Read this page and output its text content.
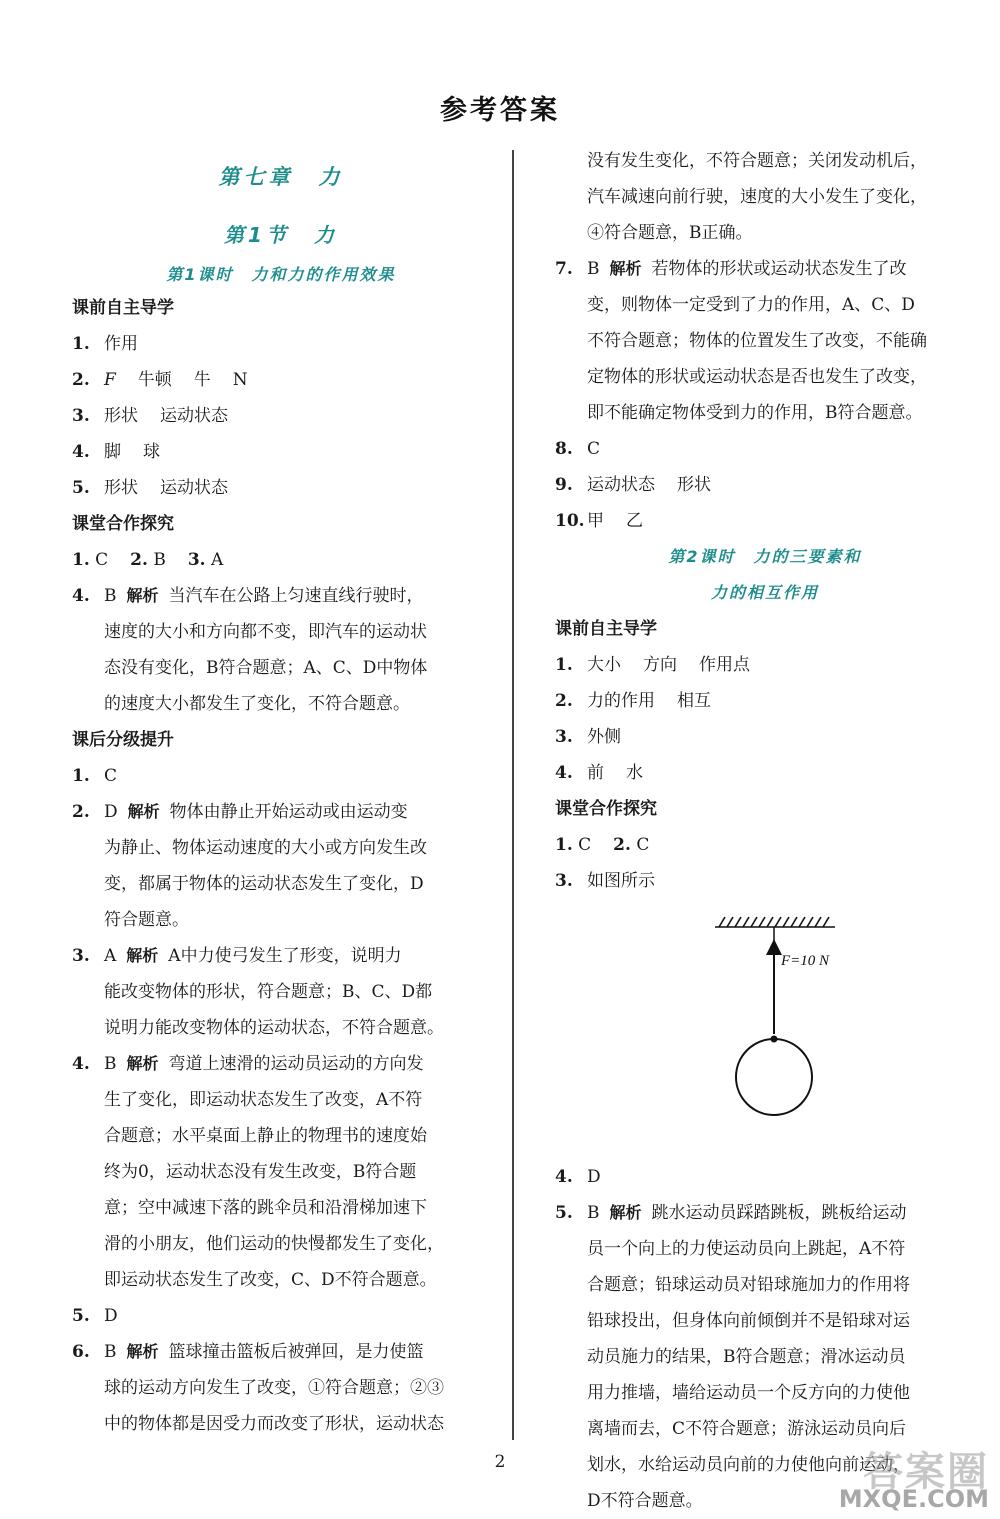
参考答案
第七章　力
第1节　力
第1课时　力和力的作用效果
课前自主导学
1. 作用
2. F 牛顿 牛 N
3. 形状 运动状态
4. 脚 球
5. 形状 运动状态
课堂合作探究
1. C 2. B 3. A
4. B 解析 当汽车在公路上匀速直线行驶时，
速度的大小和方向都不变，即汽车的运动状
态没有变化，B符合题意；A、C、D中物体
的速度大小都发生了变化，不符合题意。
课后分级提升
1. C
2. D 解析 物体由静止开始运动或由运动变
为静止、物体运动速度的大小或方向发生改
变，都属于物体的运动状态发生了变化，D
符合题意。
3. A 解析 A中力使弓发生了形变，说明力
能改变物体的形状，符合题意；B、C、D都
说明力能改变物体的运动状态，不符合题意。
4. B 解析 弯道上速滑的运动员运动的方向发
生了变化，即运动状态发生了改变，A不符
合题意；水平桌面上静止的物理书的速度始
终为0，运动状态没有发生改变，B符合题
意；空中减速下落的跳伞员和沿滑梯加速下
滑的小朋友，他们运动的快慢都发生了变化，
即运动状态发生了改变，C、D不符合题意。
5. D
6. B 解析 篮球撞击篮板后被弹回，是力使篮
球的运动方向发生了改变，①符合题意；②③
中的物体都是因受力而改变了形状，运动状态
没有发生变化，不符合题意；关闭发动机后，
汽车减速向前行驶，速度的大小发生了变化，
④符合题意，B正确。
7. B 解析 若物体的形状或运动状态发生了改
变，则物体一定受到了力的作用，A、C、D
不符合题意；物体的位置发生了改变，不能确
定物体的形状或运动状态是否也发生了改变，
即不能确定物体受到力的作用，B符合题意。
8. C
9. 运动状态 形状
10. 甲 乙
第2课时　力的三要素和
力的相互作用
课前自主导学
1. 大小 方向 作用点
2. 力的作用 相互
3. 外侧
4. 前 水
课堂合作探究
1. C 2. C
3. 如图所示
F=10 N
4. D
5. B 解析 跳水运动员踩踏跳板，跳板给运动
员一个向上的力使运动员向上跳起，A不符
合题意；铅球运动员对铅球施加力的作用将
铅球投出，但身体向前倾倒并不是铅球对运
动员施力的结果，B符合题意；滑冰运动员
用力推墙，墙给运动员一个反方向的力使他
离墙而去，C不符合题意；游泳运动员向后
划水，水给运动员向前的力使他向前运动，
D不符合题意。
2	答案圈
MXQE.COM
